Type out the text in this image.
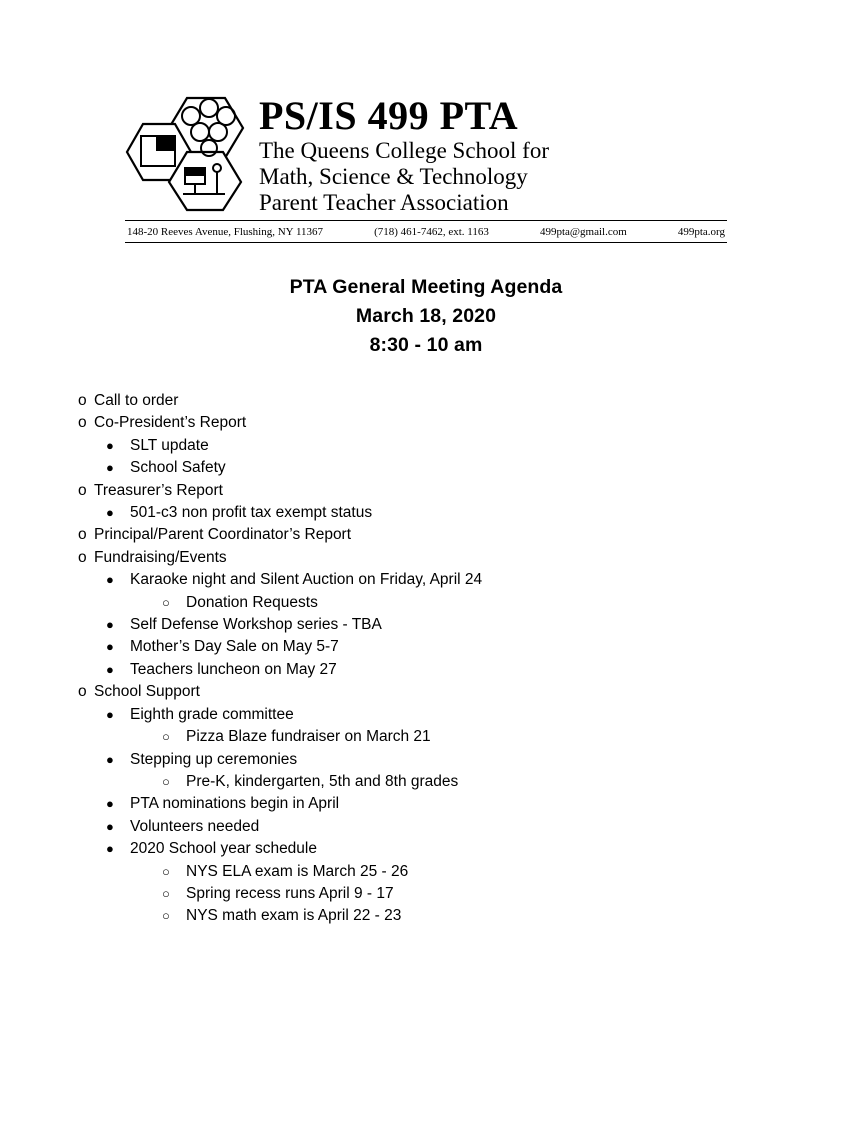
PS/IS 499 PTA
The Queens College School for
Math, Science & Technology
Parent Teacher Association
148-20 Reeves Avenue, Flushing, NY 11367	(718) 461-7462, ext. 1163	499pta@gmail.com	499pta.org
PTA General Meeting Agenda
March 18, 2020
8:30 - 10 am
o Call to order
o Co-President’s Report
●	SLT update
●	School Safety
o Treasurer’s Report
●	501-c3 non profit tax exempt status
o Principal/Parent Coordinator’s Report
o Fundraising/Events
●	Karaoke night and Silent Auction on Friday, April 24
○	Donation Requests
●	Self Defense Workshop series - TBA
●	Mother’s Day Sale on May 5-7
●	Teachers luncheon on May 27
o School Support
●	Eighth grade committee
○	Pizza Blaze fundraiser on March 21
●	Stepping up ceremonies
○	Pre-K, kindergarten, 5th and 8th grades
●	PTA nominations begin in April
●	Volunteers needed
●	2020 School year schedule
○	NYS ELA exam is March 25 - 26
○	Spring recess runs April 9 - 17
○	NYS math exam is April 22 - 23
